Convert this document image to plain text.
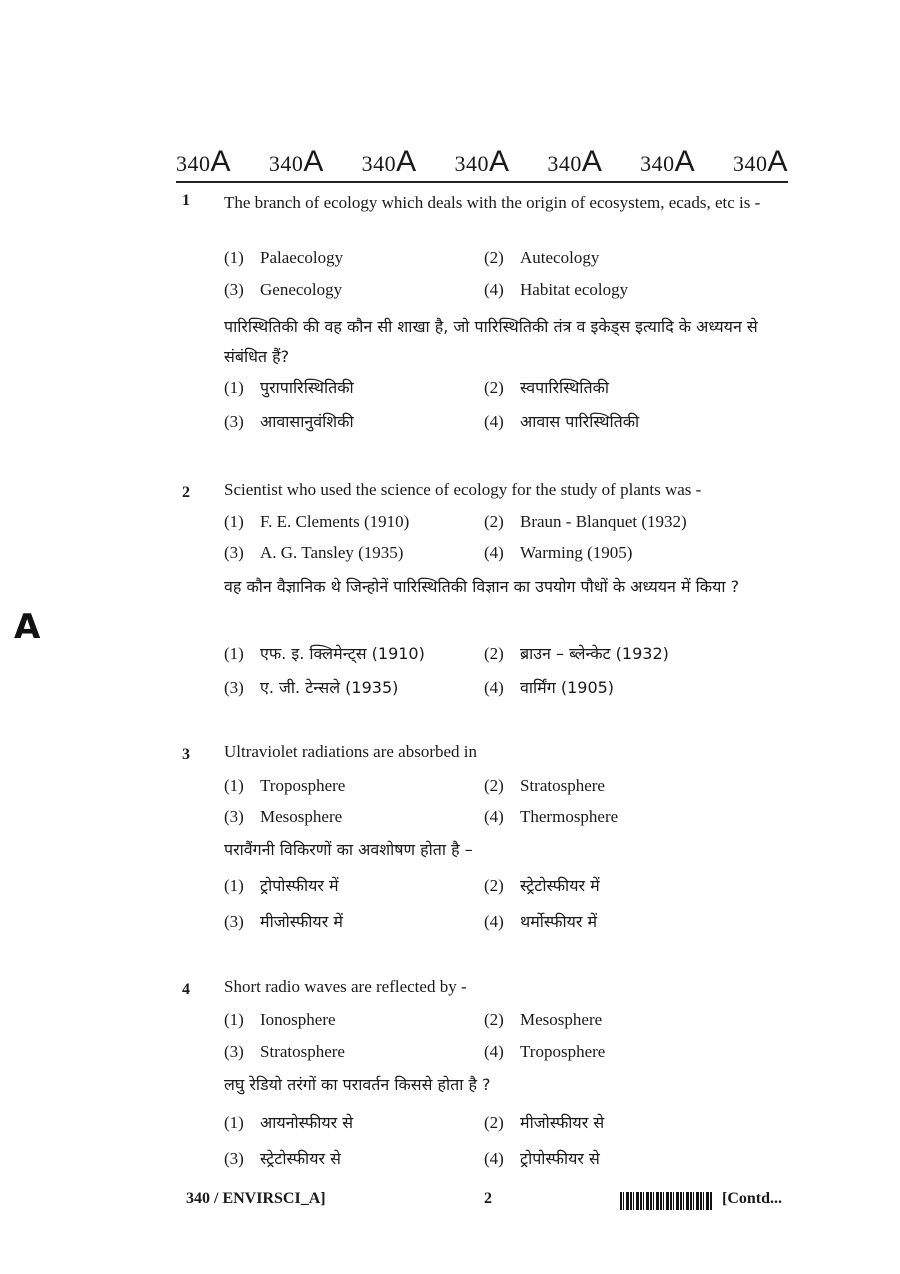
340A 340A 340A 340A 340A 340A 340A
1 The branch of ecology which deals with the origin of ecosystem, ecads, etc is -
(1) Palaecology	(2) Autecology
(3) Genecology	(4) Habitat ecology
पारिस्थितिकी की वह कौन सी शाखा है, जो पारिस्थितिकी तंत्र व इकेड्स इत्यादि के अध्ययन से संबंधित हैं?
(1) पुरापारिस्थितिकी	(2) स्वपारिस्थितिकी
(3) आवासानुवंशिकी	(4) आवास पारिस्थितिकी
2 Scientist who used the science of ecology for the study of plants was -
(1) F. E. Clements (1910)	(2) Braun - Blanquet (1932)
(3) A. G. Tansley (1935)	(4) Warming (1905)
वह कौन वैज्ञानिक थे जिन्होनें पारिस्थितिकी विज्ञान का उपयोग पौधों के अध्ययन में किया ?
(1) एफ. इ. क्लिमेन्ट्स (1910)	(2) ब्राउन – ब्लेन्केट (1932)
(3) ए. जी. टेन्सले (1935)	(4) वार्मिंग (1905)
3 Ultraviolet radiations are absorbed in
(1) Troposphere	(2) Stratosphere
(3) Mesosphere	(4) Thermosphere
परावैंगनी विकिरणों का अवशोषण होता है –
(1) ट्रोपोस्फीयर में	(2) स्ट्रेटोस्फीयर में
(3) मीजोस्फीयर में	(4) थर्मोस्फीयर में
4 Short radio waves are reflected by -
(1) Ionosphere	(2) Mesosphere
(3) Stratosphere	(4) Troposphere
लघु रेडियो तरंगों का परावर्तन किससे होता है ?
(1) आयनोस्फीयर से	(2) मीजोस्फीयर से
(3) स्ट्रेटोस्फीयर से	(4) ट्रोपोस्फीयर से
A
340 / ENVIRSCI_A]	2	[Contd...
